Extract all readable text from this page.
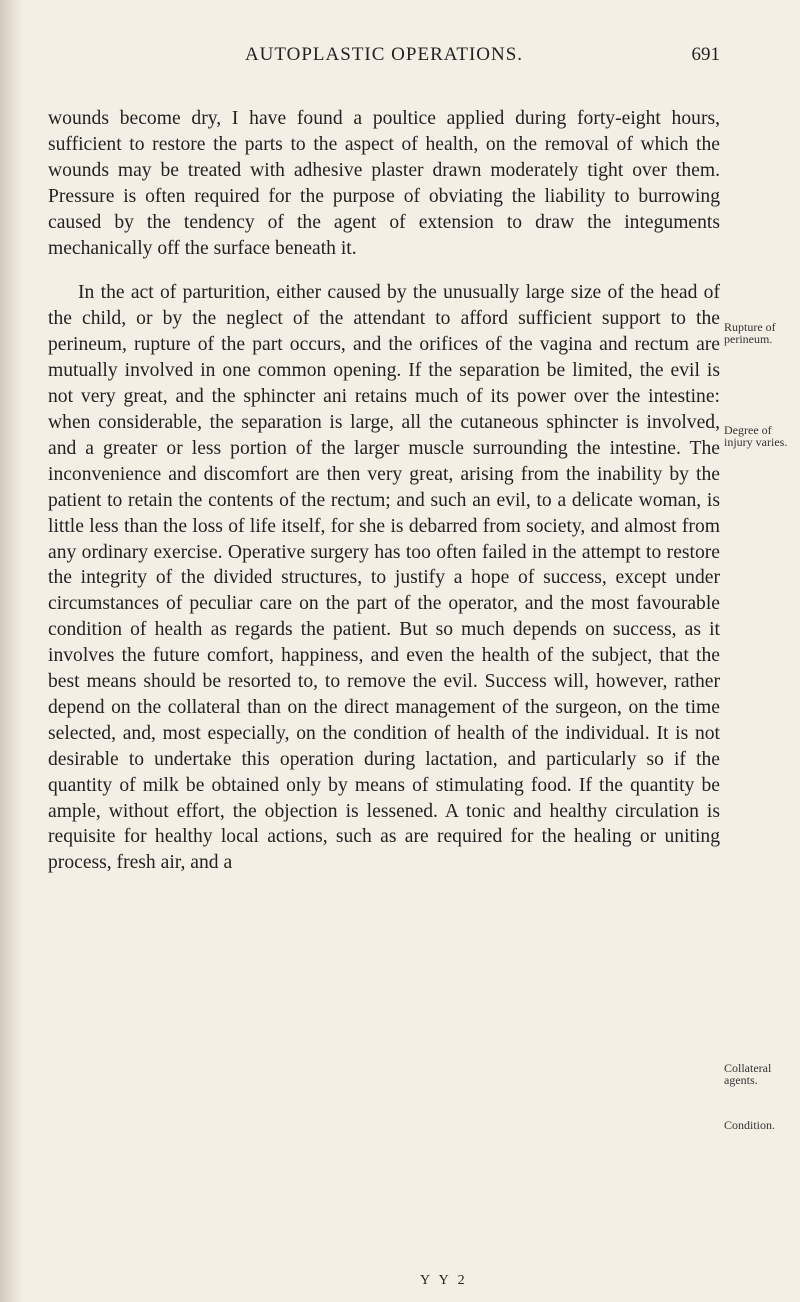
AUTOPLASTIC OPERATIONS.	691

wounds become dry, I have found a poultice applied during forty-eight hours, sufficient to restore the parts to the aspect of health, on the removal of which the wounds may be treated with adhesive plaster drawn moderately tight over them. Pressure is often required for the purpose of obviating the liability to burrowing caused by the tendency of the agent of extension to draw the integuments mechanically off the surface beneath it.

In the act of parturition, either caused by the unusually large size of the head of the child, or by the neglect of the attendant to afford sufficient support to the perineum, rupture of the part occurs, and the orifices of the vagina and rectum are mutually involved in one common opening. If the separation be limited, the evil is not very great, and the sphincter ani retains much of its power over the intestine: when considerable, the separation is large, all the cutaneous sphincter is involved, and a greater or less portion of the larger muscle surrounding the intestine. The inconvenience and discomfort are then very great, arising from the inability by the patient to retain the contents of the rectum; and such an evil, to a delicate woman, is little less than the loss of life itself, for she is debarred from society, and almost from any ordinary exercise. Operative surgery has too often failed in the attempt to restore the integrity of the divided structures, to justify a hope of success, except under circumstances of peculiar care on the part of the operator, and the most favourable condition of health as regards the patient. But so much depends on success, as it involves the future comfort, happiness, and even the health of the subject, that the best means should be resorted to, to remove the evil. Success will, however, rather depend on the collateral than on the direct management of the surgeon, on the time selected, and, most especially, on the condition of health of the individual. It is not desirable to undertake this operation during lactation, and particularly so if the quantity of milk be obtained only by means of stimulating food. If the quantity be ample, without effort, the objection is lessened. A tonic and healthy circulation is requisite for healthy local actions, such as are required for the healing or uniting process, fresh air, and a

Rupture of perineum.
Degree of injury varies.
Collateral agents.
Condition.
Y Y 2
